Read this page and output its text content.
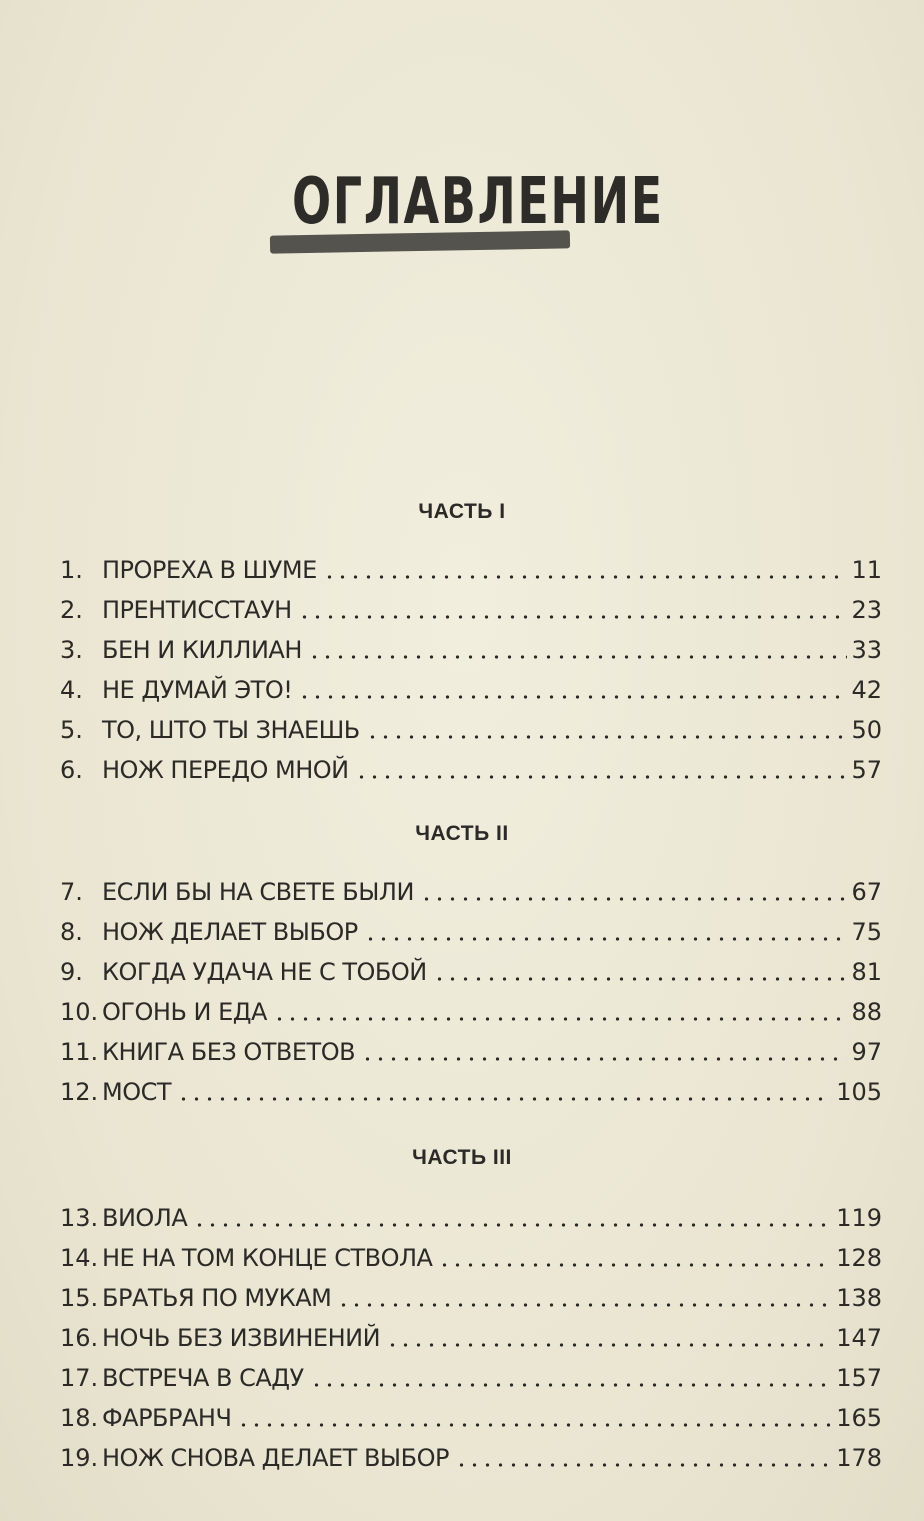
ОГЛАВЛЕНИЕ
ЧАСТЬ I
1. ПРОРЕХА В ШУМЕ	11
2. ПРЕНТИССТАУН	23
3. БЕН И КИЛЛИАН	33
4. НЕ ДУМАЙ ЭТО!	42
5. ТО, ШТО ТЫ ЗНАЕШЬ	50
6. НОЖ ПЕРЕДО МНОЙ	57
ЧАСТЬ II
7. ЕСЛИ БЫ НА СВЕТЕ БЫЛИ	67
8. НОЖ ДЕЛАЕТ ВЫБОР	75
9. КОГДА УДАЧА НЕ С ТОБОЙ	81
10. ОГОНЬ И ЕДА	88
11. КНИГА БЕЗ ОТВЕТОВ	97
12. МОСТ	105
ЧАСТЬ III
13. ВИОЛА	119
14. НЕ НА ТОМ КОНЦЕ СТВОЛА	128
15. БРАТЬЯ ПО МУКАМ	138
16. НОЧЬ БЕЗ ИЗВИНЕНИЙ	147
17. ВСТРЕЧА В САДУ	157
18. ФАРБРАНЧ	165
19. НОЖ СНОВА ДЕЛАЕТ ВЫБОР	178
